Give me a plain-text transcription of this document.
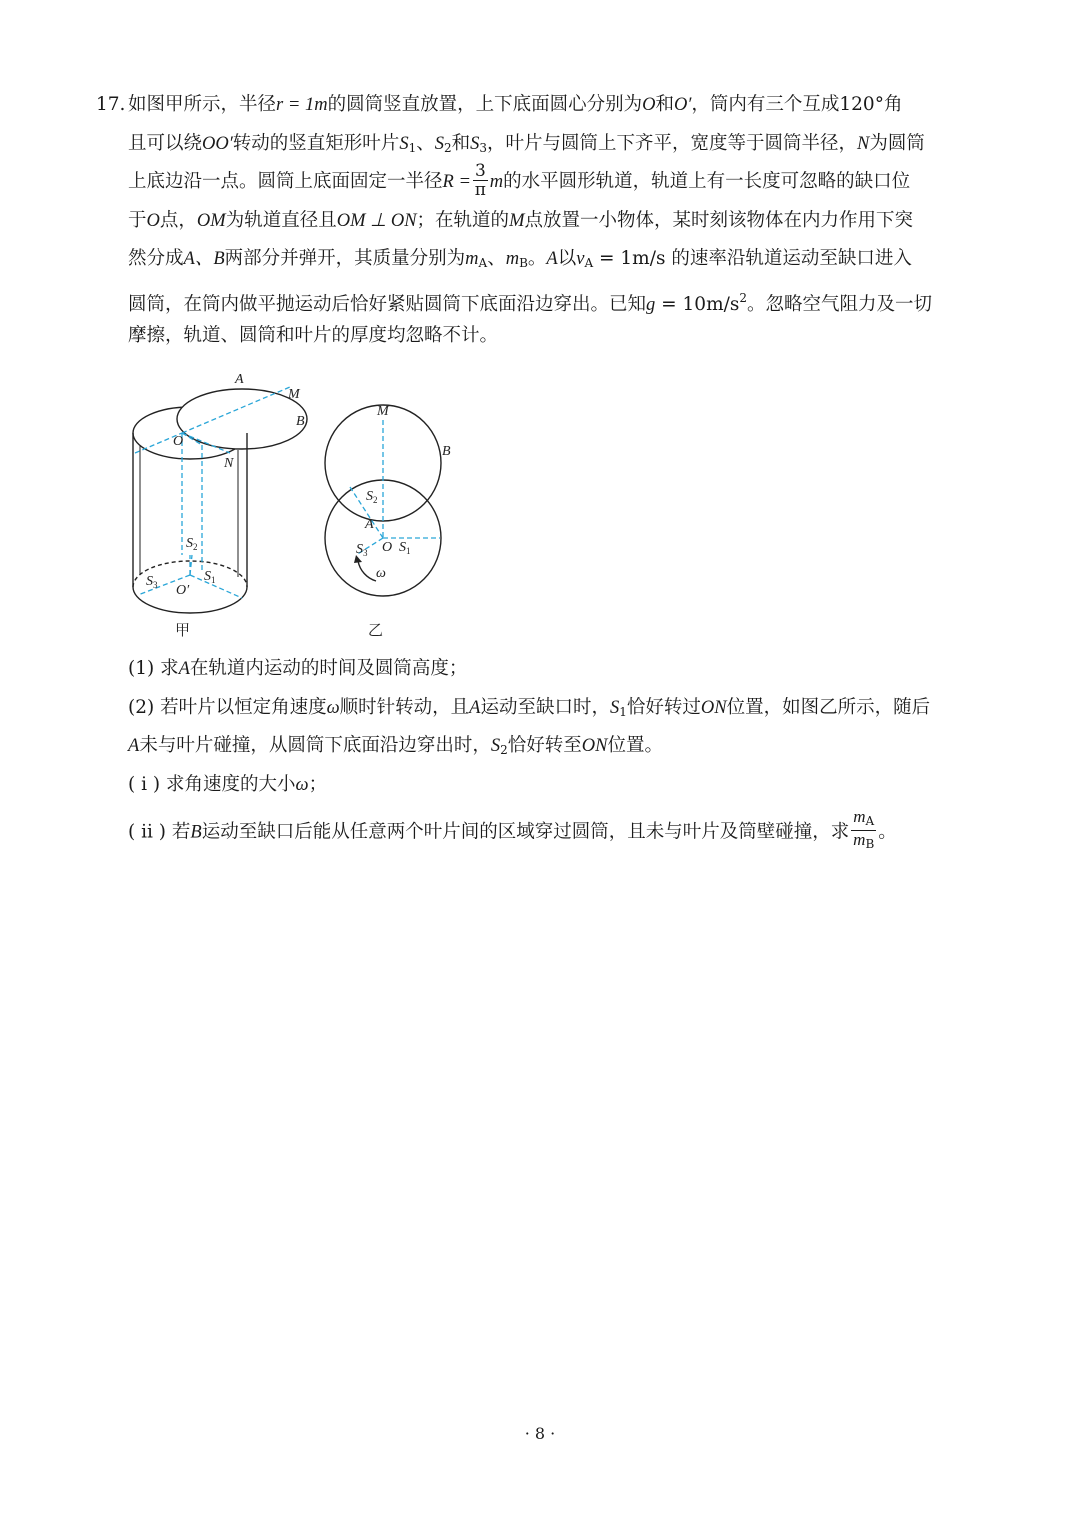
17. 如图甲所示，半径r = 1m的圆筒竖直放置，上下底面圆心分别为O和O′，筒内有三个互成120°角
且可以绕OO′转动的竖直矩形叶片$S_1$、$S_2$和$S_3$，叶片与圆筒上下齐平，宽度等于圆筒半径，N为圆筒
上底边沿一点。圆筒上底面固定一半径$R = \frac{3}{\pi}$ m的水平圆形轨道，轨道上有一长度可忽略的缺口位
于O点，OM为轨道直径且OM ⊥ ON；在轨道的M点放置一小物体，某时刻该物体在内力作用下突
然分成A、B两部分并弹开，其质量分别为$m_A$、$m_B$。A以$v_A = 1m/s$ 的速率沿轨道运动至缺口进入
圆筒，在筒内做平抛运动后恰好紧贴圆筒下底面沿边穿出。已知$g = 10m/s^2$。忽略空气阻力及一切
摩擦，轨道、圆筒和叶片的厚度均忽略不计。
A
M
B
O
N
$S_2$
$S_3$
$S_1$
O′
甲
M
B
$S_2$
A
$S_3$ O $S_1$
ω
乙
(1) 求A在轨道内运动的时间及圆筒高度；
(2) 若叶片以恒定角速度ω顺时针转动，且A运动至缺口时，$S_1$恰好转过ON位置，如图乙所示，随后
A未与叶片碰撞，从圆筒下底面沿边穿出时，$S_2$恰好转至ON位置。
( i ) 求角速度的大小ω；
( ii ) 若B运动至缺口后能从任意两个叶片间的区域穿过圆筒，且未与叶片及筒壁碰撞，求 $\frac{m_A}{m_B}$ 。
· 8 ·
